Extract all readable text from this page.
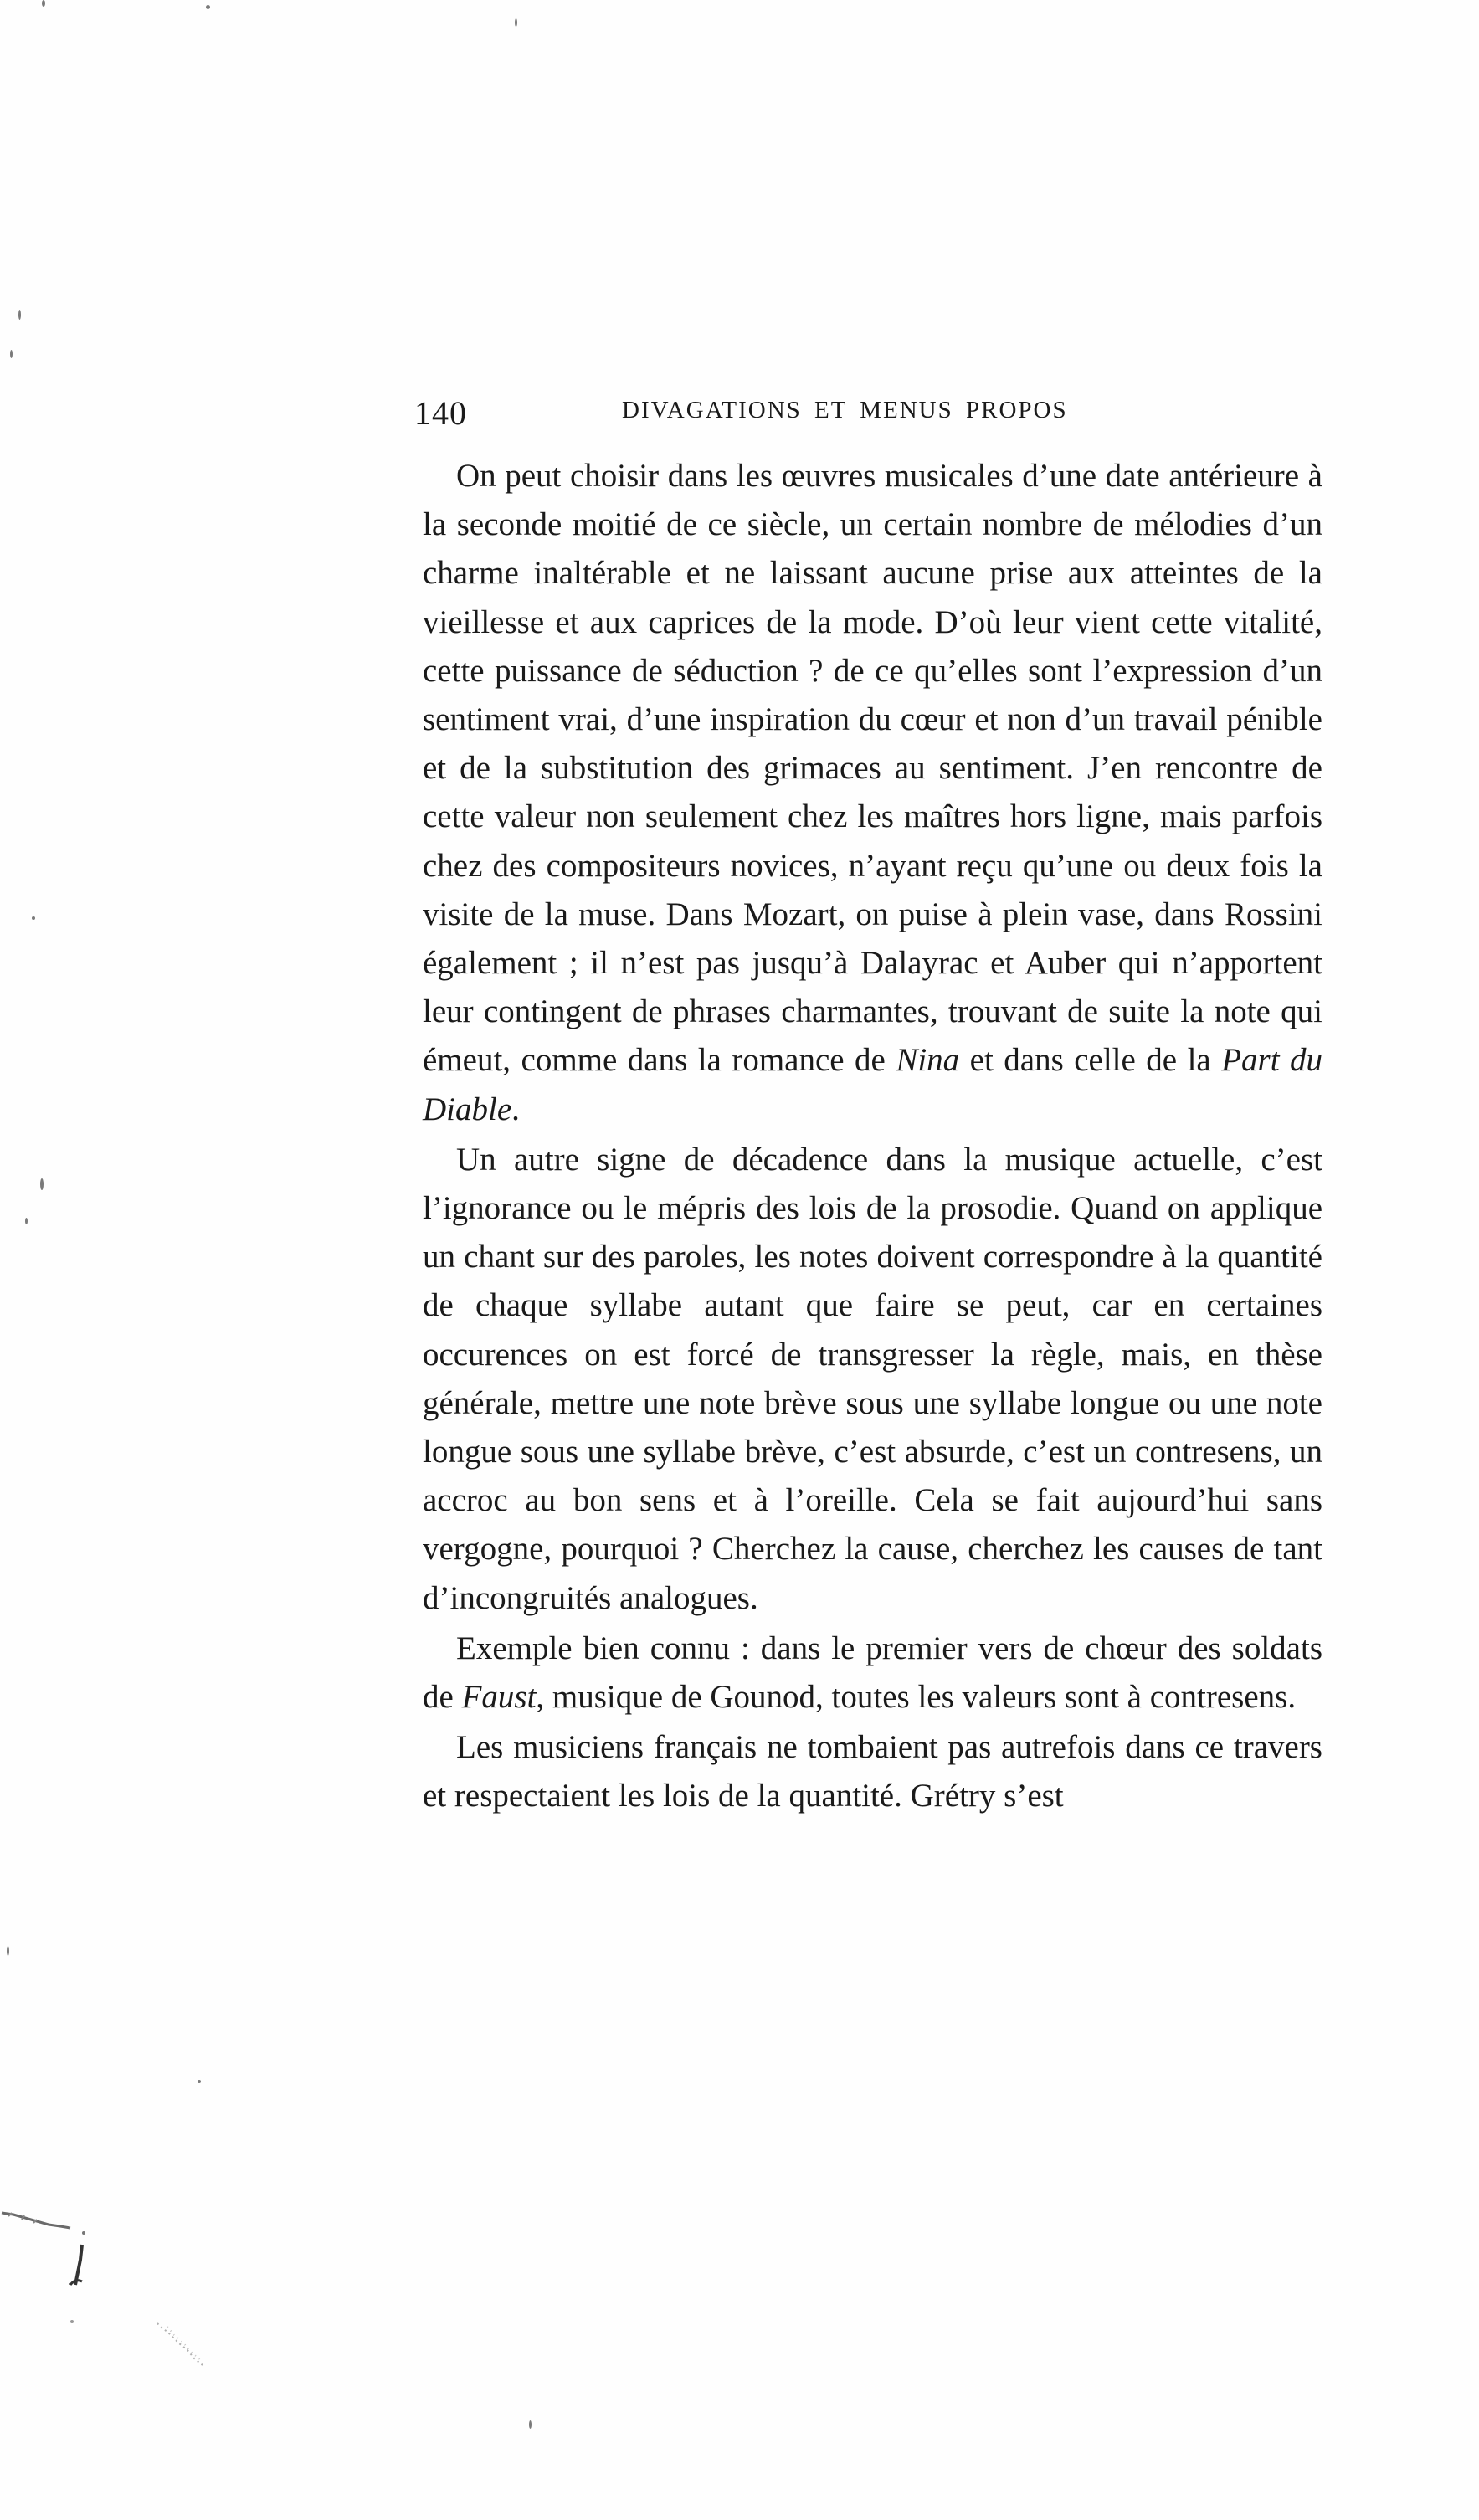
140	DIVAGATIONS ET MENUS PROPOS

On peut choisir dans les œuvres musicales d’une date antérieure à la seconde moitié de ce siècle, un certain nombre de mélodies d’un charme inaltérable et ne laissant aucune prise aux atteintes de la vieillesse et aux caprices de la mode. D’où leur vient cette vitalité, cette puissance de séduction ? de ce qu’elles sont l’expression d’un sentiment vrai, d’une inspiration du cœur et non d’un travail pénible et de la substitution des grimaces au sentiment. J’en rencontre de cette valeur non seulement chez les maîtres hors ligne, mais parfois chez des compositeurs novices, n’ayant reçu qu’une ou deux fois la visite de la muse. Dans Mozart, on puise à plein vase, dans Rossini également ; il n’est pas jusqu’à Dalayrac et Auber qui n’apportent leur contingent de phrases charmantes, trouvant de suite la note qui émeut, comme dans la romance de Nina et dans celle de la Part du Diable.

Un autre signe de décadence dans la musique actuelle, c’est l’ignorance ou le mépris des lois de la prosodie. Quand on applique un chant sur des paroles, les notes doivent correspondre à la quantité de chaque syllabe autant que faire se peut, car en certaines occurences on est forcé de transgresser la règle, mais, en thèse générale, mettre une note brève sous une syllabe longue ou une note longue sous une syllabe brève, c’est absurde, c’est un contresens, un accroc au bon sens et à l’oreille. Cela se fait aujourd’hui sans vergogne, pourquoi ? Cherchez la cause, cherchez les causes de tant d’incongruités analogues.

Exemple bien connu : dans le premier vers de chœur des soldats de Faust, musique de Gounod, toutes les valeurs sont à contresens.

Les musiciens français ne tombaient pas autrefois dans ce travers et respectaient les lois de la quantité. Grétry s’est
